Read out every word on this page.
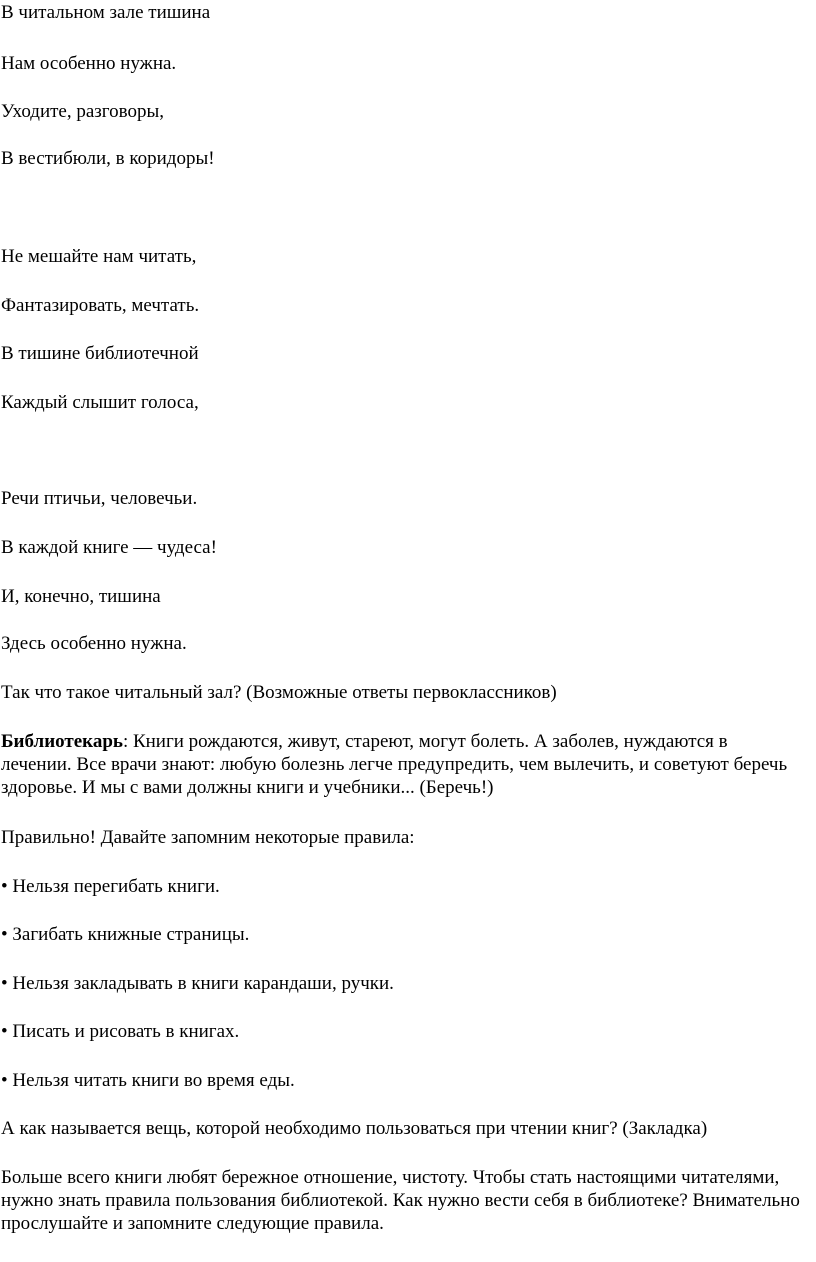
В читальном зале тишина

Нам особенно нужна.

Уходите, разговоры,

В вестибюли, в коридоры!

Не мешайте нам читать,

Фантазировать, мечтать.

В тишине библиотечной

Каждый слышит голоса,

Речи птичьи, человечьи.

В каждой книге — чудеса!

И, конечно, тишина

Здесь особенно нужна.

Так что такое читальный зал? (Возможные ответы первоклассников)

Библиотекарь: Книги рождаются, живут, стареют, могут болеть. А заболев, нуждаются в лечении. Все врачи знают: любую болезнь легче предупредить, чем вылечить, и советуют беречь здоровье. И мы с вами должны книги и учебники... (Беречь!)

Правильно! Давайте запомним некоторые правила:

• Нельзя перегибать книги.

• Загибать книжные страницы.

• Нельзя закладывать в книги карандаши, ручки.

• Писать и рисовать в книгах.

• Нельзя читать книги во время еды.

А как называется вещь, которой необходимо пользоваться при чтении книг? (Закладка)

Больше всего книги любят бережное отношение, чистоту. Чтобы стать настоящими читателями, нужно знать правила пользования библиотекой. Как нужно вести себя в библиотеке? Внимательно прослушайте и запомните следующие правила.
